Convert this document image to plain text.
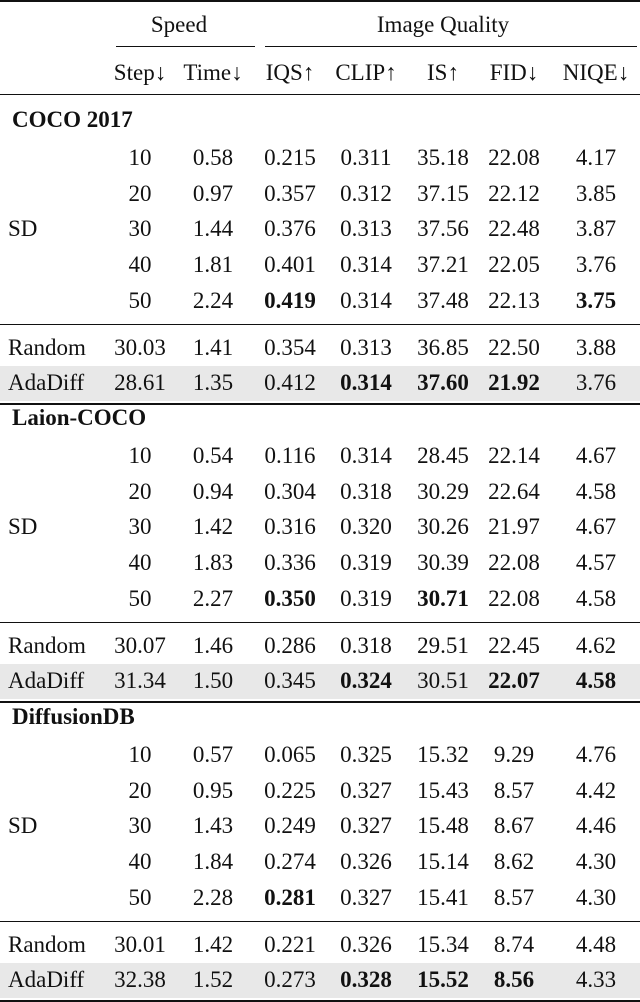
Speed	Image Quality
Step↓ Time↓ IQS↑ CLIP↑ IS↑ FID↓ NIQE↓
COCO 2017
10 0.58 0.215 0.311 35.18 22.08 4.17
20 0.97 0.357 0.312 37.15 22.12 3.85
30 1.44 0.376 0.313 37.56 22.48 3.87
40 1.81 0.401 0.314 37.21 22.05 3.76
50 2.24 0.419 0.314 37.48 22.13 3.75
SD
Random 30.03 1.41 0.354 0.313 36.85 22.50 3.88
AdaDiff 28.61 1.35 0.412 0.314 37.60 21.92 3.76
Laion-COCO
10 0.54 0.116 0.314 28.45 22.14 4.67
20 0.94 0.304 0.318 30.29 22.64 4.58
30 1.42 0.316 0.320 30.26 21.97 4.67
40 1.83 0.336 0.319 30.39 22.08 4.57
50 2.27 0.350 0.319 30.71 22.08 4.58
SD
Random 30.07 1.46 0.286 0.318 29.51 22.45 4.62
AdaDiff 31.34 1.50 0.345 0.324 30.51 22.07 4.58
DiffusionDB
10 0.57 0.065 0.325 15.32 9.29 4.76
20 0.95 0.225 0.327 15.43 8.57 4.42
30 1.43 0.249 0.327 15.48 8.67 4.46
40 1.84 0.274 0.326 15.14 8.62 4.30
50 2.28 0.281 0.327 15.41 8.57 4.30
SD
Random 30.01 1.42 0.221 0.326 15.34 8.74 4.48
AdaDiff 32.38 1.52 0.273 0.328 15.52 8.56 4.33
